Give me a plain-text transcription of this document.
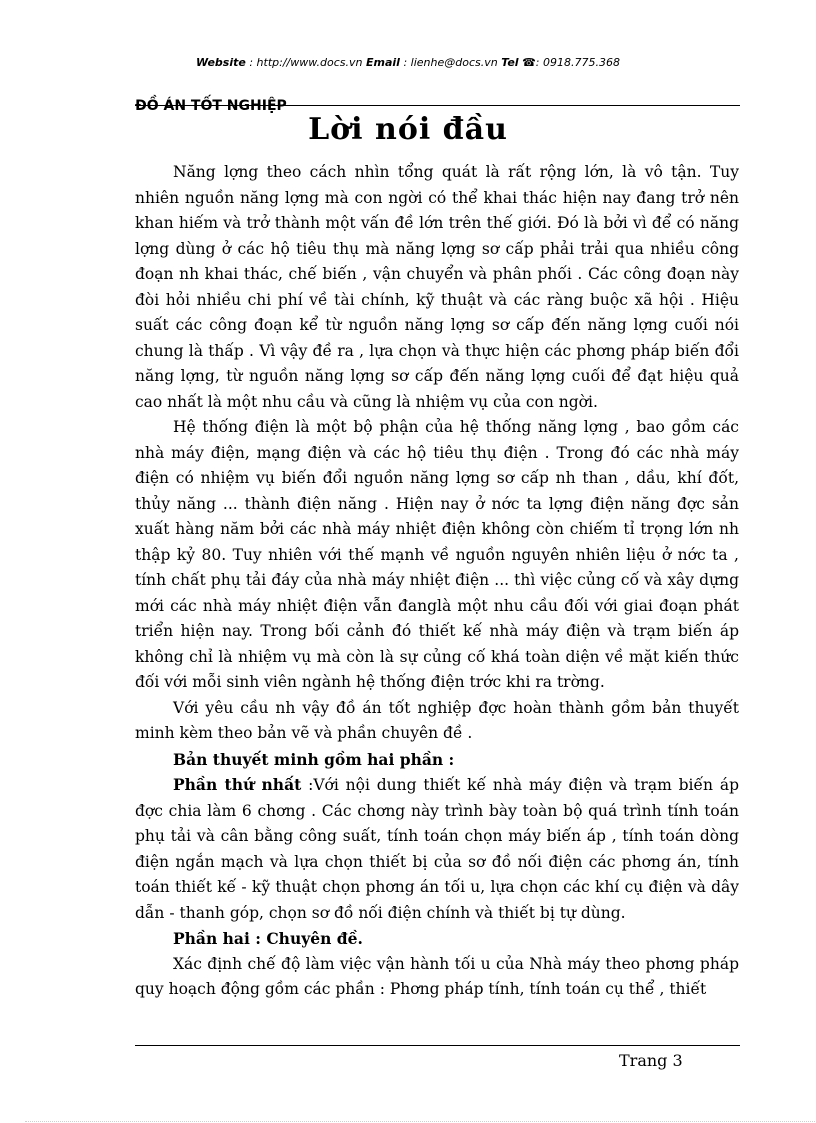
Website : http://www.docs.vn Email : lienhe@docs.vn Tel ☎: 0918.775.368
ĐỒ ÁN TỐT NGHIỆP
Lời nói đầu

Năng lợng theo cách nhìn tổng quát là rất rộng lớn, là vô tận. Tuy nhiên nguồn năng lợng mà con ngời có thể khai thác hiện nay đang trở nên khan hiếm và trở thành một vấn đề lớn trên thế giới. Đó là bởi vì để có năng lợng dùng ở các hộ tiêu thụ mà năng lợng sơ cấp phải trải qua nhiều công đoạn nh khai thác, chế biến , vận chuyển và phân phối . Các công đoạn này đòi hỏi nhiều chi phí về tài chính, kỹ thuật và các ràng buộc xã hội . Hiệu suất các công đoạn kể từ nguồn năng lợng sơ cấp đến năng lợng cuối nói chung là thấp . Vì vậy đề ra , lựa chọn và thực hiện các phơng pháp biến đổi năng lợng, từ nguồn năng lợng sơ cấp đến năng lợng cuối để đạt hiệu quả cao nhất là một nhu cầu và cũng là nhiệm vụ của con ngời.

Hệ thống điện là một bộ phận của hệ thống năng lợng , bao gồm các nhà máy điện, mạng điện và các hộ tiêu thụ điện . Trong đó các nhà máy điện có nhiệm vụ biến đổi nguồn năng lợng sơ cấp nh than , dầu, khí đốt, thủy năng ... thành điện năng . Hiện nay ở nớc ta lợng điện năng đợc sản xuất hàng năm bởi các nhà máy nhiệt điện không còn chiếm tỉ trọng lớn nh thập kỷ 80. Tuy nhiên với thế mạnh về nguồn nguyên nhiên liệu ở nớc ta , tính chất phụ tải đáy của nhà máy nhiệt điện ... thì việc củng cố và xây dựng mới các nhà máy nhiệt điện vẫn đanglà một nhu cầu đối với giai đoạn phát triển hiện nay. Trong bối cảnh đó thiết kế nhà máy điện và trạm biến áp không chỉ là nhiệm vụ mà còn là sự củng cố khá toàn diện về mặt kiến thức đối với mỗi sinh viên ngành hệ thống điện trớc khi ra trờng.

Với yêu cầu nh vậy đồ án tốt nghiệp đợc hoàn thành gồm bản thuyết minh kèm theo bản vẽ và phần chuyên đề .

Bản thuyết minh gồm hai phần :

Phần thứ nhất :Với nội dung thiết kế nhà máy điện và trạm biến áp đợc chia làm 6 chơng . Các chơng này trình bày toàn bộ quá trình tính toán phụ tải và cân bằng công suất, tính toán chọn máy biến áp , tính toán dòng điện ngắn mạch và lựa chọn thiết bị của sơ đồ nối điện các phơng án, tính toán thiết kế - kỹ thuật chọn phơng án tối u, lựa chọn các khí cụ điện và dây dẫn - thanh góp, chọn sơ đồ nối điện chính và thiết bị tự dùng.

Phần hai : Chuyên đề.

Xác định chế độ làm việc vận hành tối u của Nhà máy theo phơng pháp quy hoạch động gồm các phần : Phơng pháp tính, tính toán cụ thể , thiết

Trang 3
